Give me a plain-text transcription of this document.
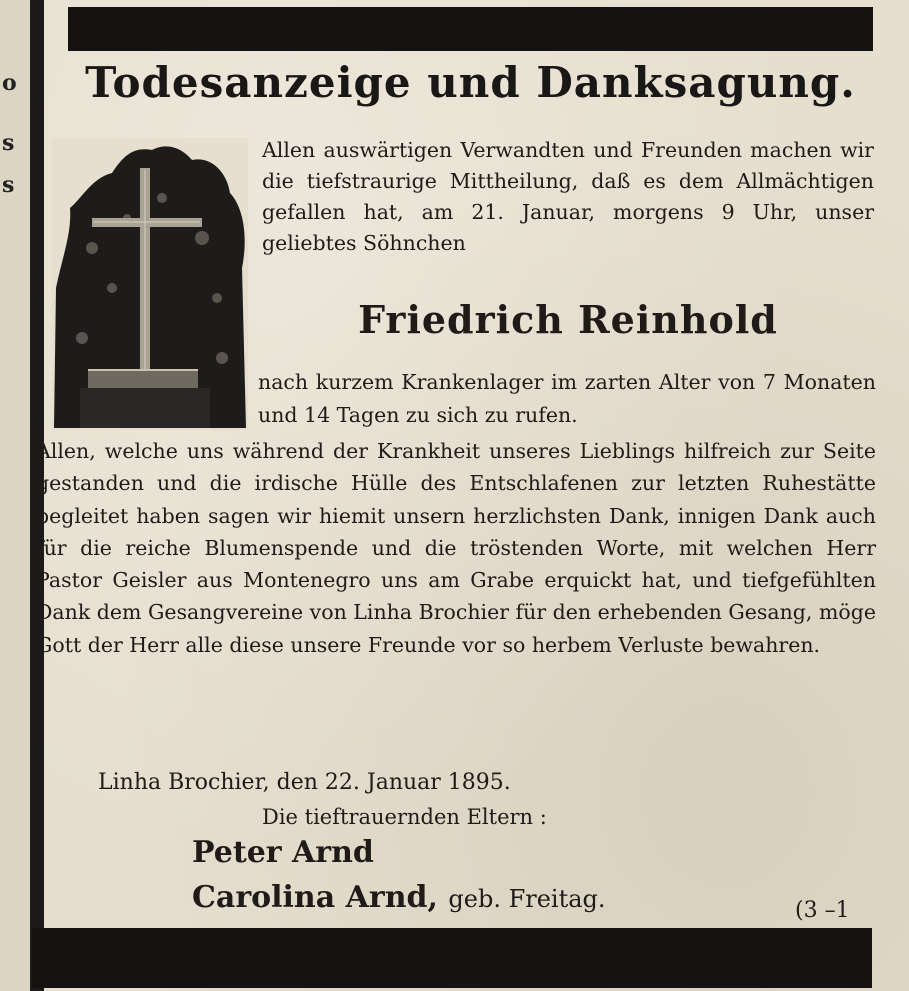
o
s
s
Todesanzeige und Danksagung.
Allen auswärtigen Verwandten und Freunden machen wir die tiefstraurige Mittheilung, daß es dem Allmächtigen gefallen hat, am 21. Januar, morgens 9 Uhr, unser geliebtes Söhnchen
Friedrich Reinhold
nach kurzem Krankenlager im zarten Alter von 7 Monaten und 14 Tagen zu sich zu rufen.
Allen, welche uns während der Krankheit unseres Lieblings hilfreich zur Seite gestanden und die irdische Hülle des Entschlafenen zur letzten Ruhestätte begleitet haben sagen wir hiemit unsern herzlichsten Dank, innigen Dank auch für die reiche Blumenspende und die tröstenden Worte, mit welchen Herr Pastor Geisler aus Montenegro uns am Grabe erquickt hat, und tiefgefühlten Dank dem Gesangvereine von Linha Brochier für den erhebenden Gesang, möge Gott der Herr alle diese unsere Freunde vor so herbem Verluste bewahren.
Linha Brochier, den 22. Januar 1895.
Die tieftrauernden Eltern :
Peter Arnd
Carolina Arnd, geb. Freitag.	(3 –1
